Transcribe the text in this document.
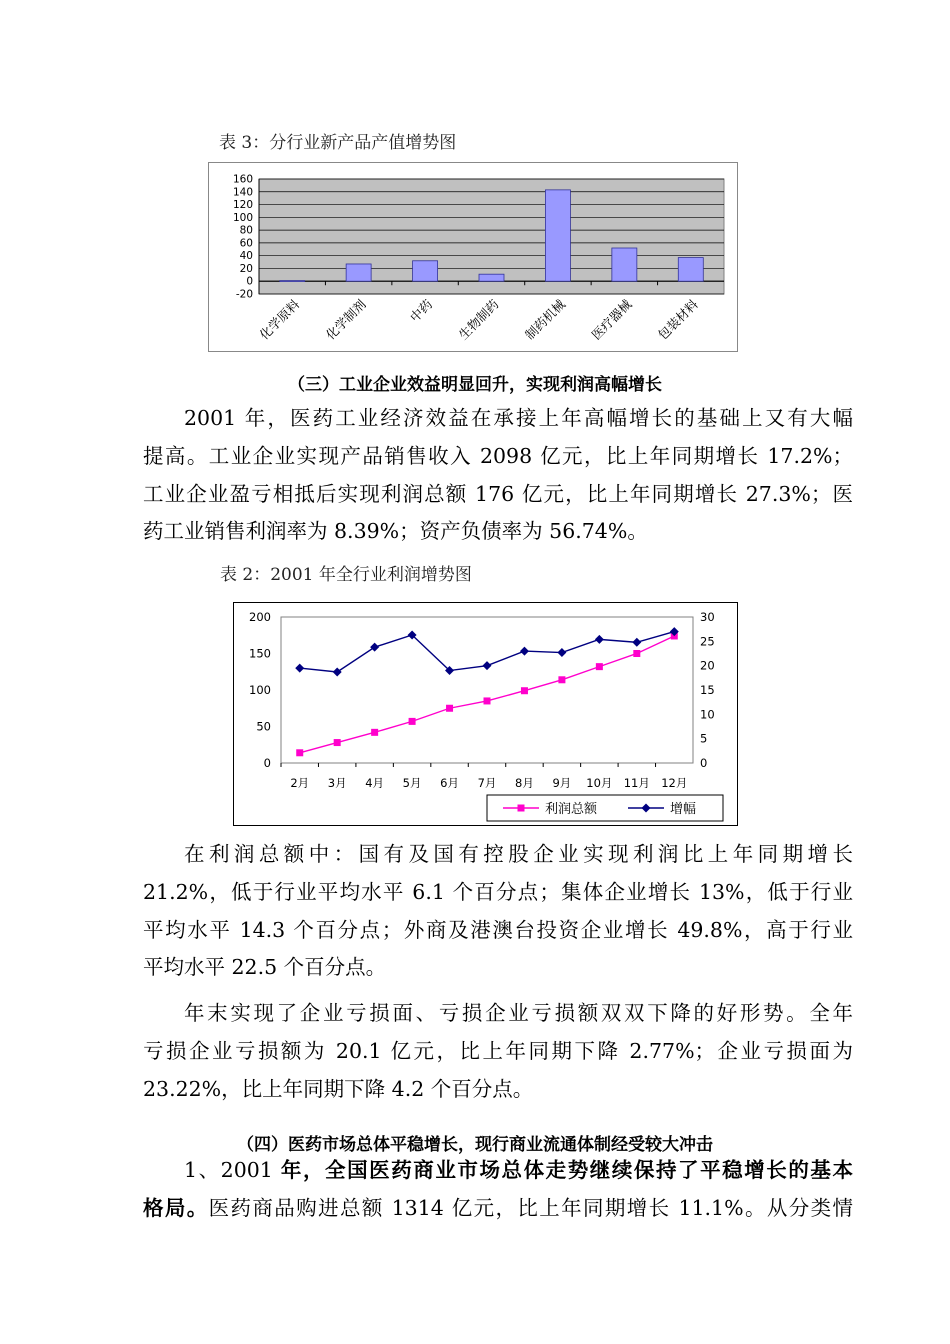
表 3：分行业新产品产值增势图
-20
0
20
40
60
80
100
120
140
160
化学原料 化学制剂	中药 生物制药 制药机械 医疗器械 包装材料
（三）工业企业效益明显回升，实现利润高幅增长
2001 年，医药工业经济效益在承接上年高幅增长的基础上又有大幅
提高。工业企业实现产品销售收入 2098 亿元，比上年同期增长 17.2%；
工业企业盈亏相抵后实现利润总额 176 亿元，比上年同期增长 27.3%；医
药工业销售利润率为 8.39%；资产负债率为 56.74%。
表 2：2001 年全行业利润增势图
0
50
100
150
200
0
5
10
15
20
25
30
2月 3月 4月 5月 6月 7月 8月 9月 10月 11月 12月
利润总额	增幅
在利润总额中：国有及国有控股企业实现利润比上年同期增长
21.2%，低于行业平均水平 6.1 个百分点；集体企业增长 13%，低于行业
平均水平 14.3 个百分点；外商及港澳台投资企业增长 49.8%，高于行业
平均水平 22.5 个百分点。
年末实现了企业亏损面、亏损企业亏损额双双下降的好形势。全年
亏损企业亏损额为 20.1 亿元，比上年同期下降 2.77%；企业亏损面为
23.22%，比上年同期下降 4.2 个百分点。
（四）医药市场总体平稳增长，现行商业流通体制经受较大冲击
1、2001 年，全国医药商业市场总体走势继续保持了平稳增长的基本
格局。医药商品购进总额 1314 亿元，比上年同期增长 11.1%。从分类情
